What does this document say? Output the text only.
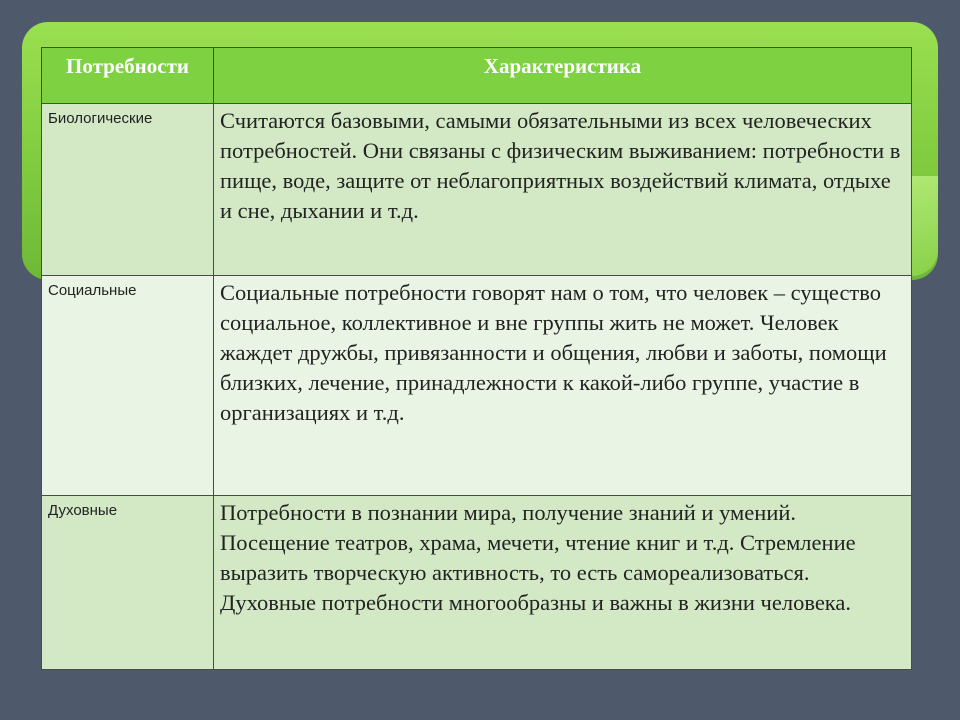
Потребности	Характеристика
Биологические	Считаются базовыми, самыми обязательными из всех человеческих потребностей. Они связаны с физическим выживанием: потребности в пище, воде, защите от неблагоприятных воздействий климата, отдыхе и сне, дыхании и т.д.
Социальные	Социальные потребности говорят нам о том, что человек – существо социальное, коллективное и вне группы жить не может. Человек жаждет дружбы, привязанности и общения, любви и заботы, помощи близких, лечение, принадлежности к какой-либо группе, участие в организациях и т.д.
Духовные	Потребности в познании мира, получение знаний и умений. Посещение театров, храма, мечети, чтение книг и т.д. Стремление выразить творческую активность, то есть самореализоваться. Духовные потребности многообразны и важны в жизни человека.
